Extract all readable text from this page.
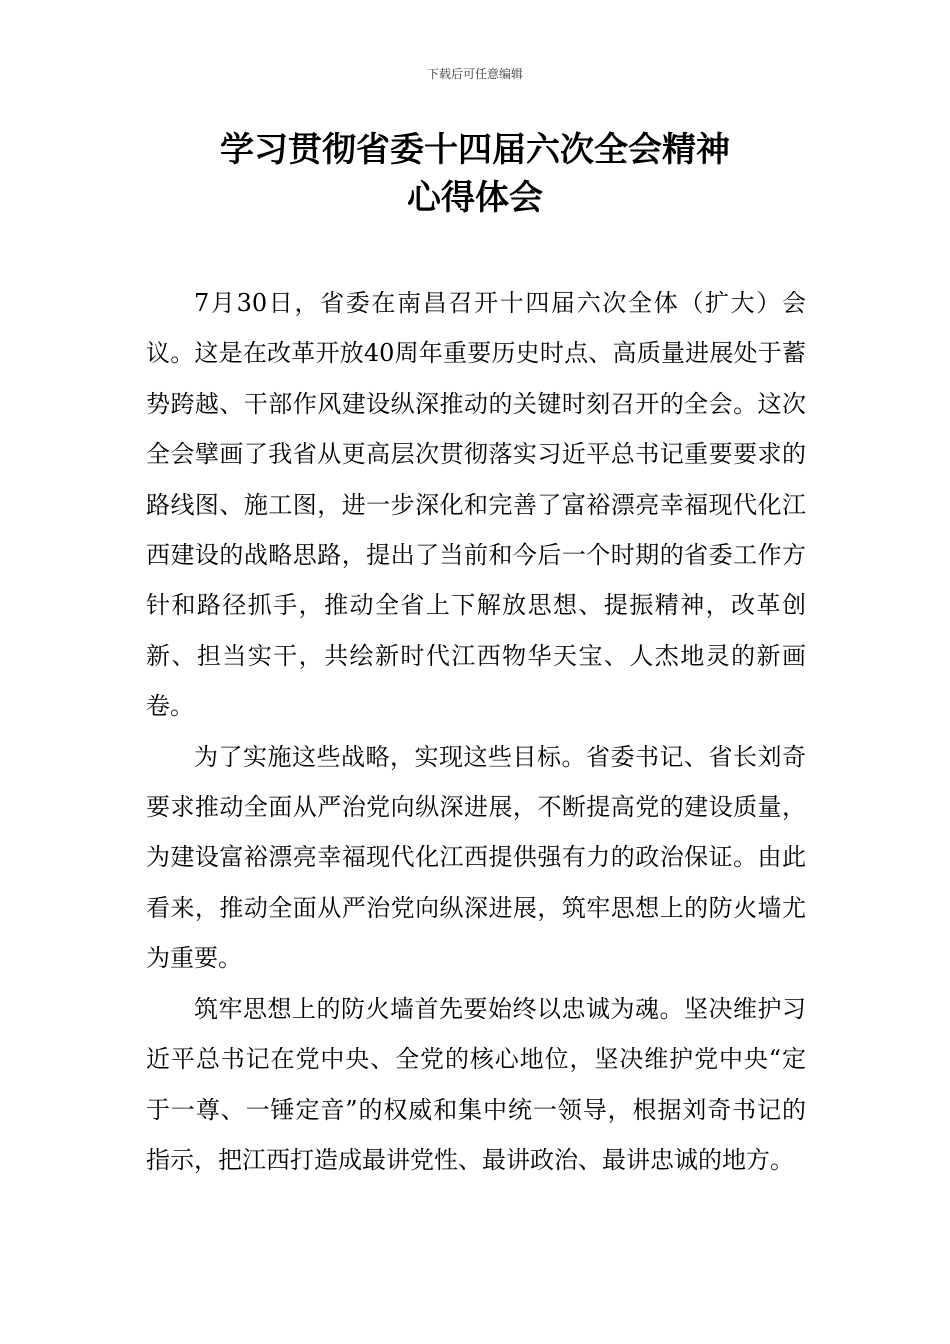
下载后可任意编辑
学习贯彻省委十四届六次全会精神
心得体会

7月30日，省委在南昌召开十四届六次全体（扩大）会议。这是在改革开放40周年重要历史时点、高质量进展处于蓄势跨越、干部作风建设纵深推动的关键时刻召开的全会。这次全会擘画了我省从更高层次贯彻落实习近平总书记重要要求的路线图、施工图，进一步深化和完善了富裕漂亮幸福现代化江西建设的战略思路，提出了当前和今后一个时期的省委工作方针和路径抓手，推动全省上下解放思想、提振精神，改革创新、担当实干，共绘新时代江西物华天宝、人杰地灵的新画卷。

为了实施这些战略，实现这些目标。省委书记、省长刘奇要求推动全面从严治党向纵深进展，不断提高党的建设质量，为建设富裕漂亮幸福现代化江西提供强有力的政治保证。由此看来，推动全面从严治党向纵深进展，筑牢思想上的防火墙尤为重要。

筑牢思想上的防火墙首先要始终以忠诚为魂。坚决维护习近平总书记在党中央、全党的核心地位，坚决维护党中央“定于一尊、一锤定音”的权威和集中统一领导，根据刘奇书记的指示，把江西打造成最讲党性、最讲政治、最讲忠诚的地方。
